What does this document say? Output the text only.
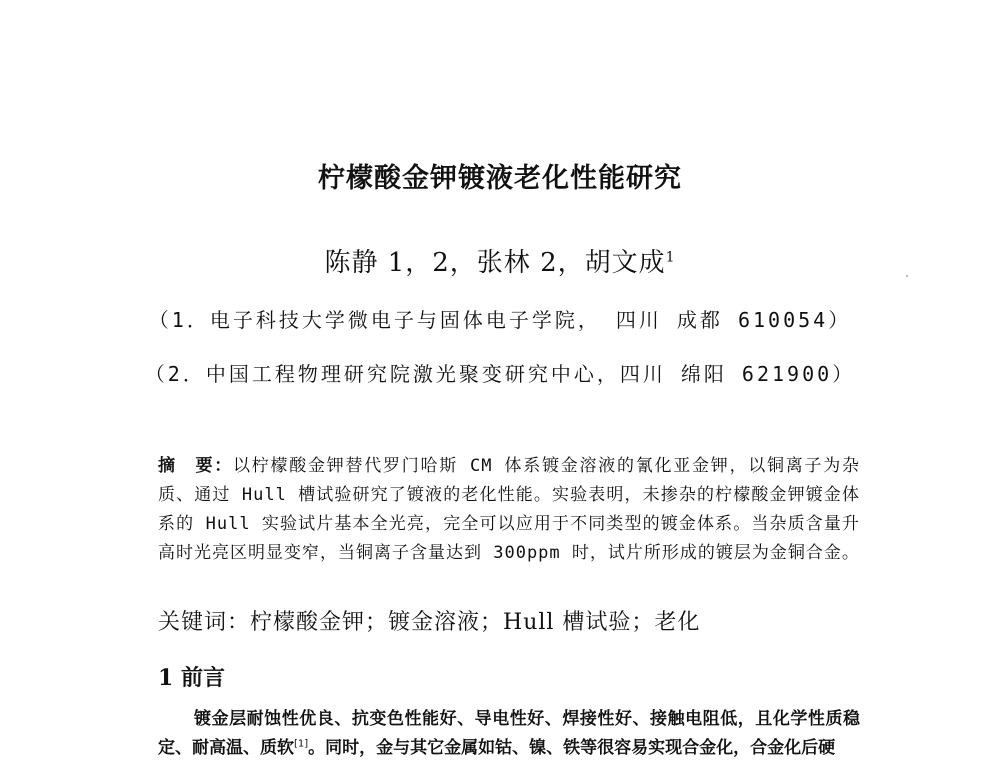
柠檬酸金钾镀液老化性能研究
陈静 1，2，张林 2，胡文成$^1$
（1．电子科技大学微电子与固体电子学院， 四川 成都 610054）
（2．中国工程物理研究院激光聚变研究中心，四川 绵阳 621900）
摘　要：以柠檬酸金钾替代罗门哈斯 CM 体系镀金溶液的氰化亚金钾，以铜离子为杂质、通过 Hull 槽试验研究了镀液的老化性能。实验表明，未掺杂的柠檬酸金钾镀金体系的 Hull 实验试片基本全光亮，完全可以应用于不同类型的镀金体系。当杂质含量升高时光亮区明显变窄，当铜离子含量达到 300ppm 时，试片所形成的镀层为金铜合金。
关键词：柠檬酸金钾；镀金溶液；Hull 槽试验；老化
1 前言
镀金层耐蚀性优良、抗变色性能好、导电性好、焊接性好、接触电阻低，且化学性质稳定、耐高温、质软[1]。同时，金与其它金属如钴、镍、铁等很容易实现合金化，合金化后硬
